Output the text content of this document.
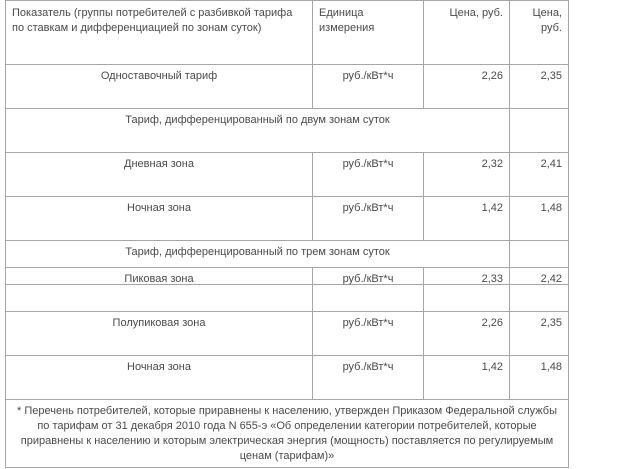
Показатель (группы потребителей с разбивкой тарифа по ставкам и дифференциацией по зонам суток)	Единица измерения	Цена, руб.	Цена, руб.
Одноставочный тариф	руб./кВт*ч	2,26	2,35
Тариф, дифференцированный по двум зонам суток			
Дневная зона	руб./кВт*ч	2,32	2,41
Ночная зона	руб./кВт*ч	1,42	1,48
Тариф, дифференцированный по трем зонам суток			
Пиковая зона	руб./кВт*ч	2,33	2,42
Полупиковая зона	руб./кВт*ч	2,26	2,35
Ночная зона	руб./кВт*ч	1,42	1,48
* Перечень потребителей, которые приравнены к населению, утвержден Приказом Федеральной службы по тарифам от 31 декабря 2010 года N 655-э «Об определении категории потребителей, которые приравнены к населению и которым электрическая энергия (мощность) поставляется по регулируемым ценам (тарифам)»			
